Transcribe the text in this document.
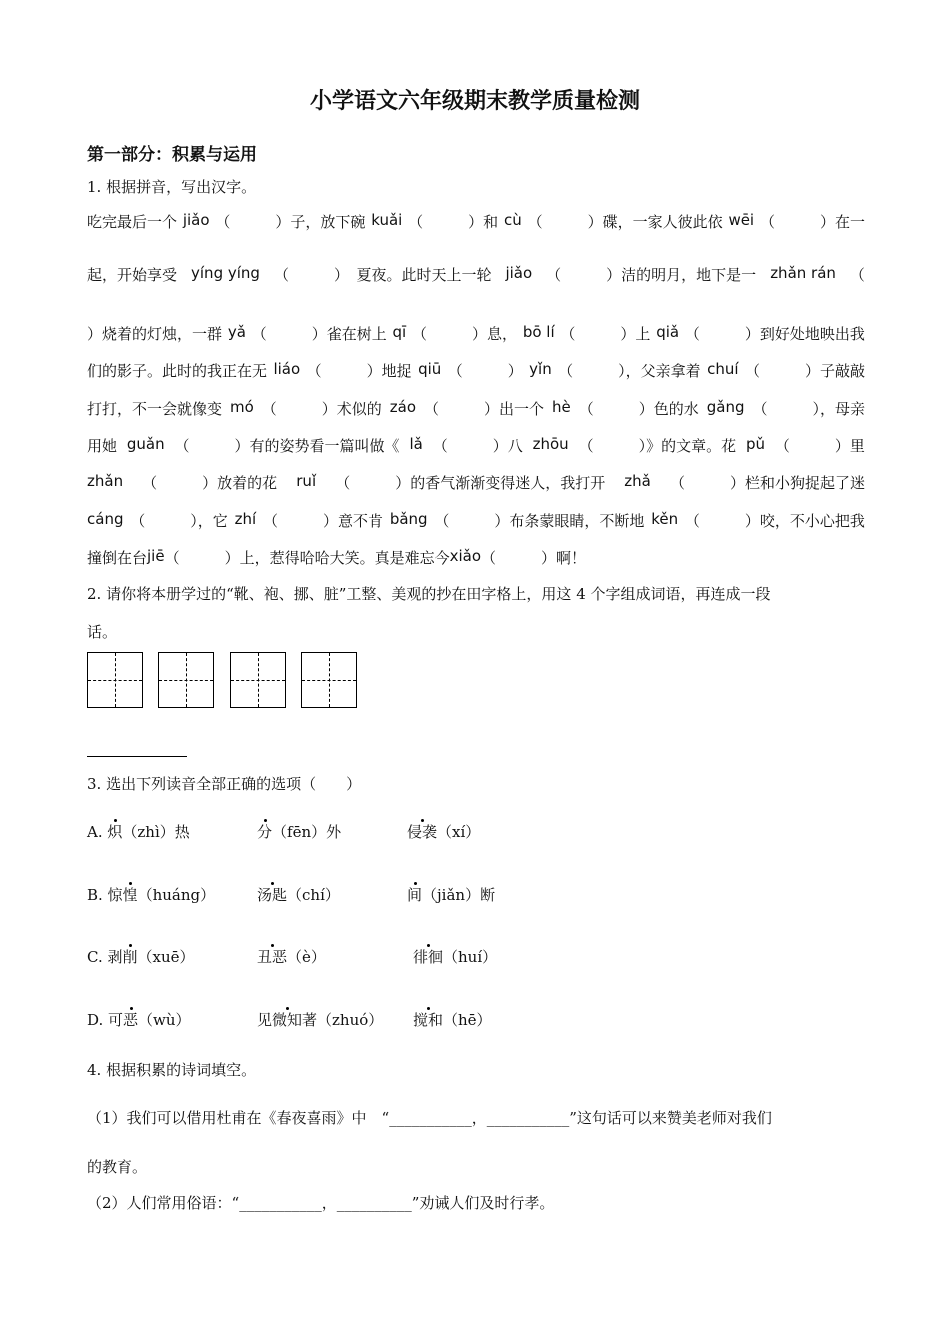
小学语文六年级期末教学质量检测
第一部分：积累与运用
1. 根据拼音，写出汉字。
吃完最后一个 jiǎo （　　　）子，放下碗 kuǎi （　　　）和 cù （　　　）碟，一家人彼此依 wēi （　　　）在一
起，开始享受 yíng yíng （　　　）　夏夜。此时天上一轮 jiǎo （　　　）洁的明月，地下是一 zhǎn rán （
）烧着的灯烛，一群 yǎ （　　　）雀在树上 qī （　　　）息， bō lí （　　　）上 qiǎ （　　　）到好处地映出我
们的影子。此时的我正在无 liáo （　　　）地捉 qiū （　　　） yǐn （　　　），父亲拿着 chuí （　　　）子敲敲
打打，不一会就像变 mó （　　　）术似的 záo （　　　）出一个 hè （　　　）色的水 gǎng （　　　），母亲
用她 guǎn （　　　）有的姿势看一篇叫做《 lǎ （　　　）八 zhōu （　　　）》的文章。花 pǔ （　　　）里
zhǎn （　　　）放着的花 ruǐ （　　　）的香气渐渐变得迷人，我打开 zhǎ （　　　）栏和小狗捉起了迷
cáng （　　　），它 zhí （　　　）意不肯 bǎng （　　　）布条蒙眼睛，不断地 kěn （　　　）咬，不小心把我
撞倒在台 jiē （　　　）上，惹得哈哈大笑。真是难忘今 xiǎo （　　　）啊！
2. 请你将本册学过的“靴、袍、挪、脏”工整、美观的抄在田字格上，用这 4 个字组成词语，再连成一段
话。
3. 选出下列读音全部正确的选项（　　）
A. 炽（zhì）热	分（fēn）外	侵袭（xí）
B. 惊惶（huáng）	汤匙（chí）	间（jiǎn）断
C. 剥削（xuē）	丑恶（è）	徘徊（huí）
D. 可恶（wù）	见微知著（zhuó） 搅和（hē）
4. 根据积累的诗词填空。
（1）我们可以借用杜甫在《春夜喜雨》中　“___________，___________”这句话可以来赞美老师对我们
的教育。
（2）人们常用俗语：“___________，__________”劝诫人们及时行孝。
